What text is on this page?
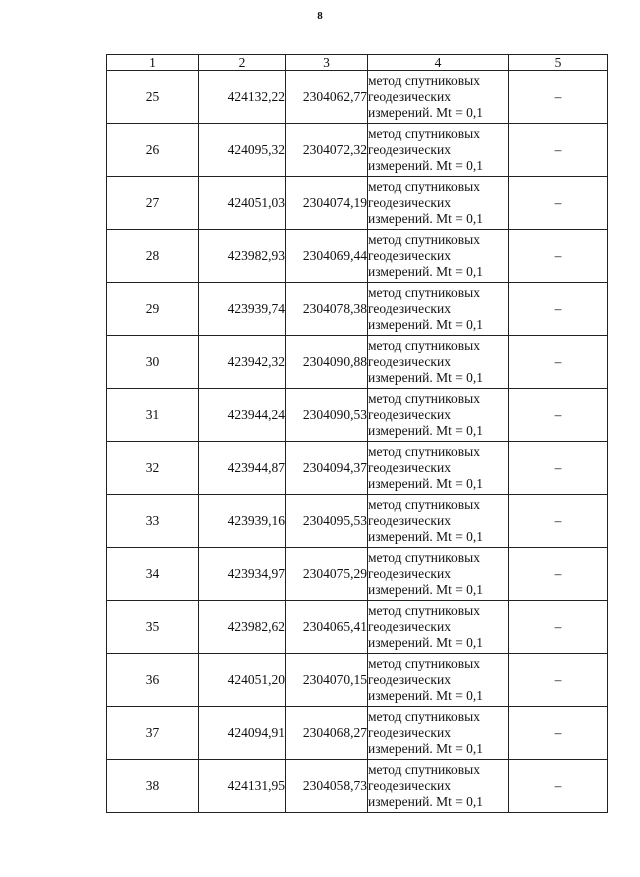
8
1	2	3	4	5
25	424132,22	2304062,77	метод спутниковых
геодезических
измерений. Mt = 0,1	–
26	424095,32	2304072,32	метод спутниковых
геодезических
измерений. Mt = 0,1	–
27	424051,03	2304074,19	метод спутниковых
геодезических
измерений. Mt = 0,1	–
28	423982,93	2304069,44	метод спутниковых
геодезических
измерений. Mt = 0,1	–
29	423939,74	2304078,38	метод спутниковых
геодезических
измерений. Mt = 0,1	–
30	423942,32	2304090,88	метод спутниковых
геодезических
измерений. Mt = 0,1	–
31	423944,24	2304090,53	метод спутниковых
геодезических
измерений. Mt = 0,1	–
32	423944,87	2304094,37	метод спутниковых
геодезических
измерений. Mt = 0,1	–
33	423939,16	2304095,53	метод спутниковых
геодезических
измерений. Mt = 0,1	–
34	423934,97	2304075,29	метод спутниковых
геодезических
измерений. Mt = 0,1	–
35	423982,62	2304065,41	метод спутниковых
геодезических
измерений. Mt = 0,1	–
36	424051,20	2304070,15	метод спутниковых
геодезических
измерений. Mt = 0,1	–
37	424094,91	2304068,27	метод спутниковых
геодезических
измерений. Mt = 0,1	–
38	424131,95	2304058,73	метод спутниковых
геодезических
измерений. Mt = 0,1	–
